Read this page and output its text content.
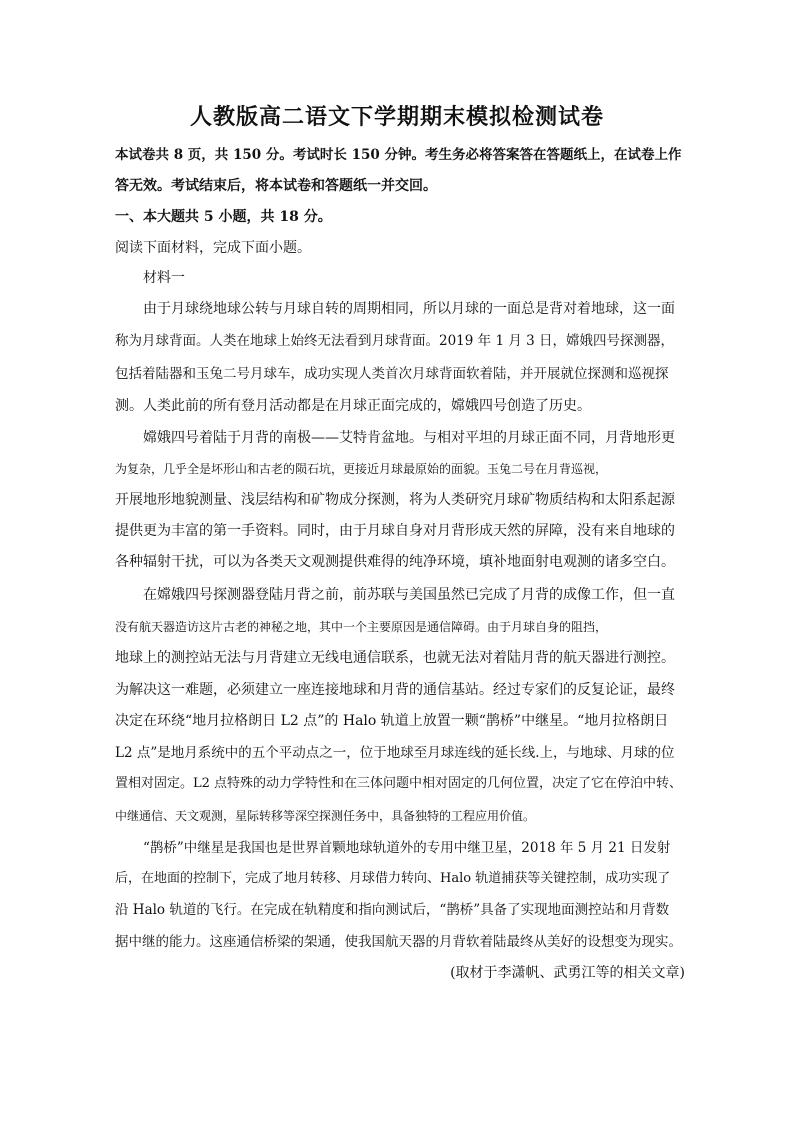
人教版高二语文下学期期末模拟检测试卷
本试卷共 8 页，共 150 分。考试时长 150 分钟。考生务必将答案答在答题纸上，在试卷上作
答无效。考试结束后，将本试卷和答题纸一并交回。
一、本大题共 5 小题，共 18 分。
阅读下面材料，完成下面小题。
材料一
由于月球绕地球公转与月球自转的周期相同，所以月球的一面总是背对着地球，这一面
称为月球背面。人类在地球上始终无法看到月球背面。2019 年 1 月 3 日，嫦娥四号探测器，
包括着陆器和玉兔二号月球车，成功实现人类首次月球背面软着陆，并开展就位探测和巡视探
测。人类此前的所有登月活动都是在月球正面完成的，嫦娥四号创造了历史。
嫦娥四号着陆于月背的南极——艾特肯盆地。与相对平坦的月球正面不同，月背地形更
为复杂，几乎全是坏形山和古老的陨石坑，更接近月球最原始的面貌。玉兔二号在月背巡视，
开展地形地貌测量、浅层结构和矿物成分探测，将为人类研究月球矿物质结构和太阳系起源
提供更为丰富的第一手资料。同时，由于月球自身对月背形成天然的屏障，没有来自地球的
各种辐射干扰，可以为各类天文观测提供难得的纯净环境，填补地面射电观测的诸多空白。
在嫦娥四号探测器登陆月背之前，前苏联与美国虽然已完成了月背的成像工作，但一直
没有航天器造访这片古老的神秘之地，其中一个主要原因是通信障碍。由于月球自身的阻挡，
地球上的测控站无法与月背建立无线电通信联系，也就无法对着陆月背的航天器进行测控。
为解决这一难题，必须建立一座连接地球和月背的通信基站。经过专家们的反复论证，最终
决定在环绕“地月拉格朗日 L2 点”的 Halo 轨道上放置一颗“鹊桥”中继星。“地月拉格朗日
L2 点”是地月系统中的五个平动点之一，位于地球至月球连线的延长线.上，与地球、月球的位
置相对固定。L2 点特殊的动力学特性和在三体问题中相对固定的几何位置，决定了它在停泊中转、
中继通信、天文观测，星际转移等深空探测任务中，具备独特的工程应用价值。
“鹊桥”中继星是我国也是世界首颗地球轨道外的专用中继卫星，2018 年 5 月 21 日发射
后，在地面的控制下，完成了地月转移、月球借力转向、Halo 轨道捕获等关键控制，成功实现了
沿 Halo 轨道的飞行。在完成在轨精度和指向测试后，“鹊桥”具备了实现地面测控站和月背数
据中继的能力。这座通信桥梁的架通，使我国航天器的月背软着陆最终从美好的设想变为现实。
(取材于李潇帆、武勇江等的相关文章)
